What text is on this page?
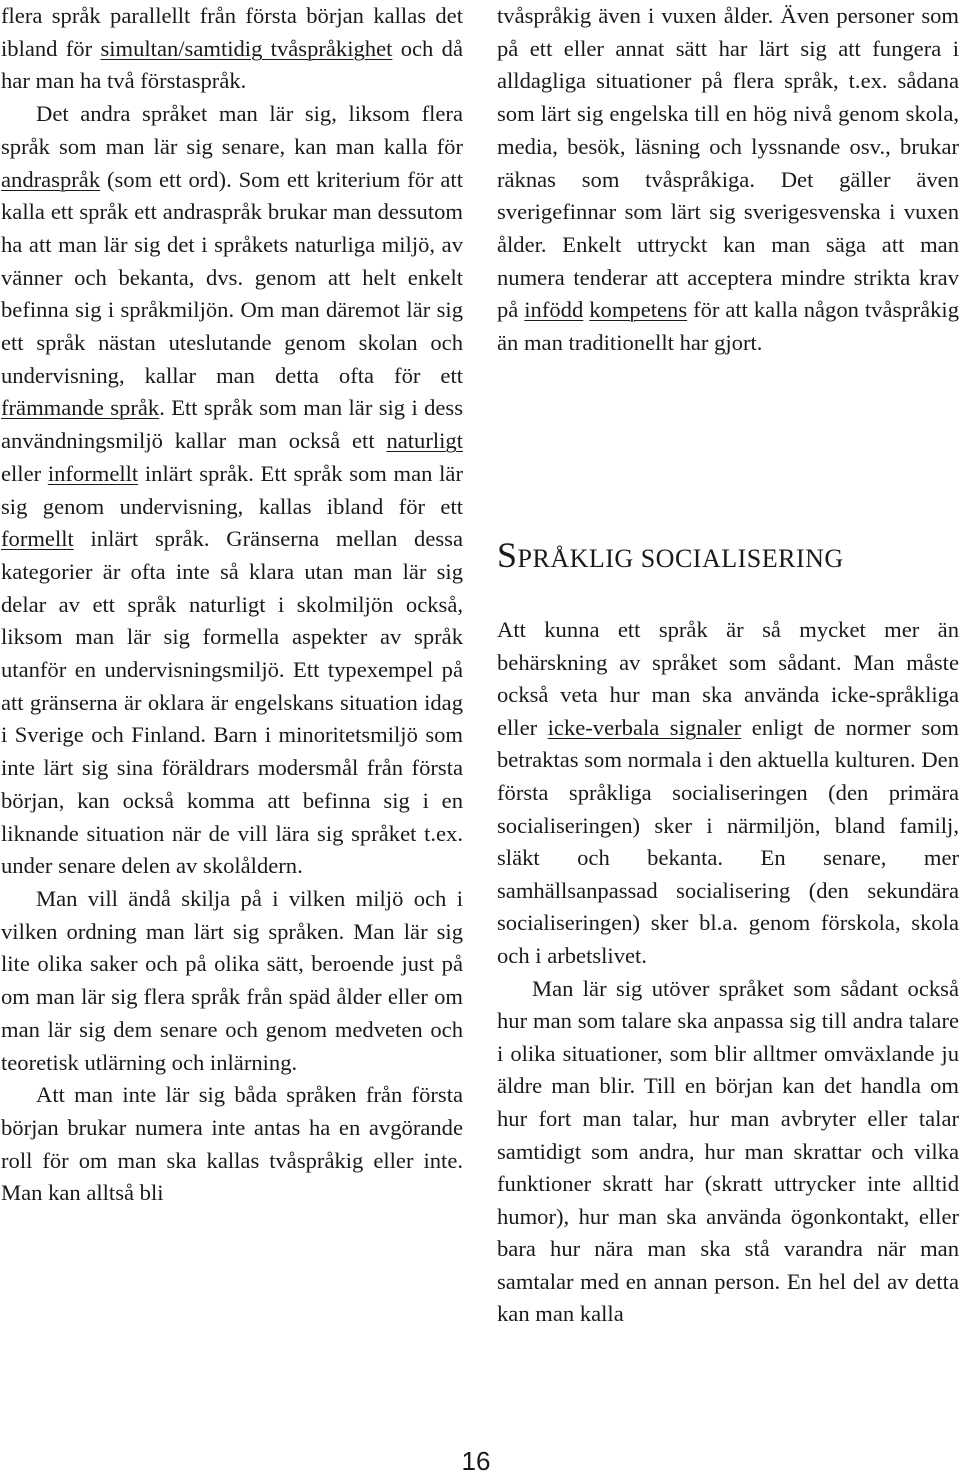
flera språk parallellt från första början kallas det ibland för simultan/samtidig tvåspråkighet och då har man ha två förstaspråk.

Det andra språket man lär sig, liksom flera språk som man lär sig senare, kan man kalla för andraspråk (som ett ord). Som ett kriterium för att kalla ett språk ett andraspråk brukar man dessutom ha att man lär sig det i språkets naturliga miljö, av vänner och bekanta, dvs. genom att helt enkelt befinna sig i språkmiljön. Om man däremot lär sig ett språk nästan uteslutande genom skolan och undervisning, kallar man detta ofta för ett främmande språk. Ett språk som man lär sig i dess användningsmiljö kallar man också ett naturligt eller informellt inlärt språk. Ett språk som man lär sig genom undervisning, kallas ibland för ett formellt inlärt språk. Gränserna mellan dessa kategorier är ofta inte så klara utan man lär sig delar av ett språk naturligt i skolmiljön också, liksom man lär sig formella aspekter av språk utanför en undervisningsmiljö. Ett typexempel på att gränserna är oklara är engelskans situation idag i Sverige och Finland. Barn i minoritetsmiljö som inte lärt sig sina föräldrars modersmål från första början, kan också komma att befinna sig i en liknande situation när de vill lära sig språket t.ex. under senare delen av skolåldern.

Man vill ändå skilja på i vilken miljö och i vilken ordning man lärt sig språken. Man lär sig lite olika saker och på olika sätt, beroende just på om man lär sig flera språk från späd ålder eller om man lär sig dem senare och genom medveten och teoretisk utlärning och inlärning.

Att man inte lär sig båda språken från första början brukar numera inte antas ha en avgörande roll för om man ska kallas tvåspråkig eller inte. Man kan alltså bli

tvåspråkig även i vuxen ålder. Även personer som på ett eller annat sätt har lärt sig att fungera i alldagliga situationer på flera språk, t.ex. sådana som lärt sig engelska till en hög nivå genom skola, media, besök, läsning och lyssnande osv., brukar räknas som tvåspråkiga. Det gäller även sverigefinnar som lärt sig sverigesvenska i vuxen ålder. Enkelt uttryckt kan man säga att man numera tenderar att acceptera mindre strikta krav på infödd kompetens för att kalla någon tvåspråkig än man traditionellt har gjort.

SPRÅKLIG SOCIALISERING

Att kunna ett språk är så mycket mer än behärskning av språket som sådant. Man måste också veta hur man ska använda icke-språkliga eller icke-verbala signaler enligt de normer som betraktas som normala i den aktuella kulturen. Den första språkliga socialiseringen (den primära socialiseringen) sker i närmiljön, bland familj, släkt och bekanta. En senare, mer samhällsanpassad socialisering (den sekundära socialiseringen) sker bl.a. genom förskola, skola och i arbetslivet.

Man lär sig utöver språket som sådant också hur man som talare ska anpassa sig till andra talare i olika situationer, som blir alltmer omväxlande ju äldre man blir. Till en början kan det handla om hur fort man talar, hur man avbryter eller talar samtidigt som andra, hur man skrattar och vilka funktioner skratt har (skratt uttrycker inte alltid humor), hur man ska använda ögonkontakt, eller bara hur nära man ska stå varandra när man samtalar med en annan person. En hel del av detta kan man kalla

16
